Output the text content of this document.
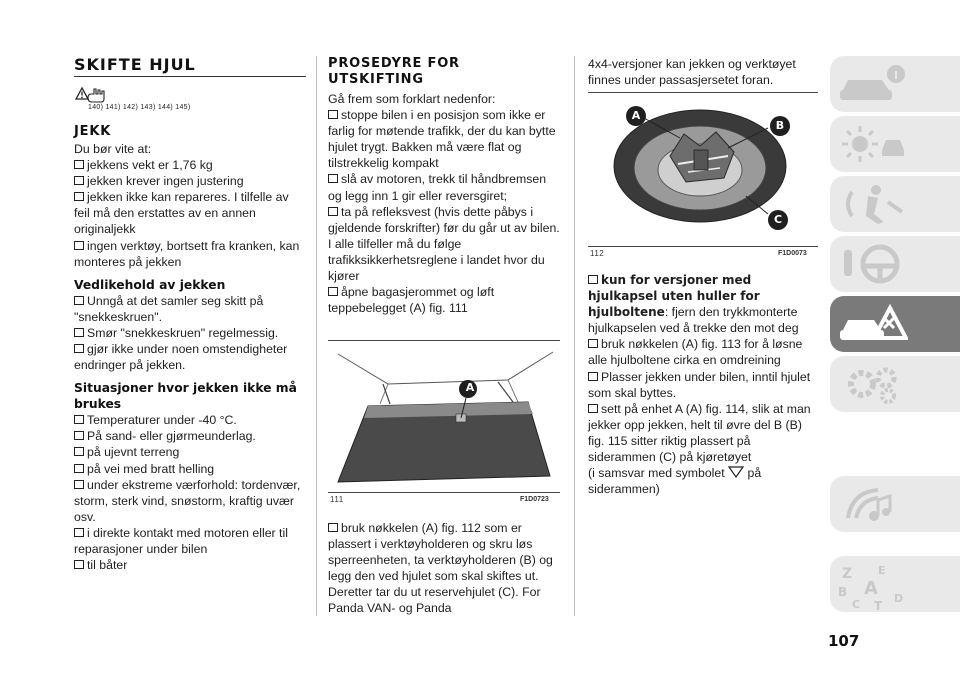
SKIFTE HJUL
140) 141) 142) 143) 144) 145)
JEKK
Du bør vite at:
jekkens vekt er 1,76 kg
jekken krever ingen justering
jekken ikke kan repareres. I tilfelle av feil må den erstattes av en annen originaljekk
ingen verktøy, bortsett fra kranken, kan monteres på jekken
Vedlikehold av jekken
Unngå at det samler seg skitt på "snekkeskruen".
Smør "snekkeskruen" regelmessig.
gjør ikke under noen omstendigheter endringer på jekken.
Situasjoner hvor jekken ikke må brukes
Temperaturer under -40 °C.
På sand- eller gjørmeunderlag.
på ujevnt terreng
på vei med bratt helling
under ekstreme værforhold: tordenvær, storm, sterk vind, snøstorm, kraftig uvær osv.
i direkte kontakt med motoren eller til reparasjoner under bilen
til båter
PROSEDYRE FOR UTSKIFTING
Gå frem som forklart nedenfor:
stoppe bilen i en posisjon som ikke er farlig for møtende trafikk, der du kan bytte hjulet trygt. Bakken må være flat og tilstrekkelig kompakt
slå av motoren, trekk til håndbremsen og legg inn 1 gir eller reversgiret;
ta på refleksvest (hvis dette påbys i gjeldende forskrifter) før du går ut av bilen. I alle tilfeller må du følge trafikksikkerhetsreglene i landet hvor du kjører
åpne bagasjerommet og løft teppebelegget (A) fig. 111
A
111	F1D0723
bruk nøkkelen (A) fig. 112 som er plassert i verktøyholderen og skru løs sperreenheten, ta verktøyholderen (B) og legg den ved hjulet som skal skiftes ut. Deretter tar du ut reservehjulet (C). For Panda VAN- og Panda
4x4-versjoner kan jekken og verktøyet finnes under passasjersetet foran.
A
B
C
112	F1D0073
kun for versjoner med hjulkapsel uten huller for hjulboltene: fjern den trykkmonterte hjulkapselen ved å trekke den mot deg
bruk nøkkelen (A) fig. 113 for å løsne alle hjulboltene cirka en omdreining
Plasser jekken under bilen, inntil hjulet som skal byttes.
sett på enhet A (A) fig. 114, slik at man jekker opp jekken, helt til øvre del B (B) fig. 115 sitter riktig plassert på siderammen (C) på kjøretøyet
(i samsvar med symbolet på siderammen)
Z E
B A
C T
D
107
